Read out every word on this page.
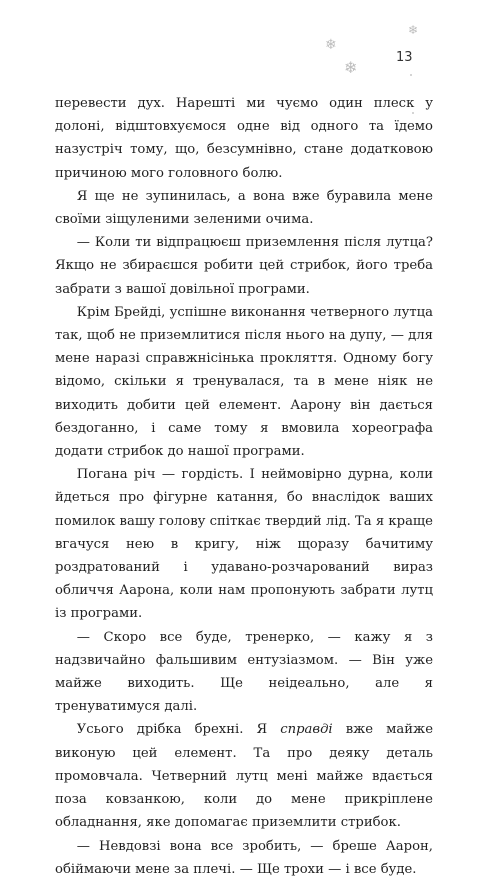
13
❄
❄
❄

перевести дух. Нарешті ми чуємо один плеск у долоні, відштовхуємося одне від одного та їдемо назустріч тому, що, безсумнівно, стане додатковою причиною мого головного болю.

Я ще не зупинилась, а вона вже буравила мене своїми зіщуленими зеленими очима.

— Коли ти відпрацюєш приземлення після лутца? Якщо не збираєшся робити цей стрибок, його треба забрати з вашої довільної програми.

Крім Брейді, успішне виконання четверного лутца так, щоб не приземлитися після нього на дупу, — для мене наразі справжнісінька прокляття. Одному богу відомо, скільки я тренувалася, та в мене ніяк не виходить добити цей елемент. Аарону він дається бездоганно, і саме тому я вмовила хореографа додати стрибок до нашої програми.

Погана річ — гордість. І неймовірно дурна, коли йдеться про фігурне катання, бо внаслідок ваших помилок вашу голову спіткає твердий лід. Та я краще вгачуся нею в кригу, ніж щоразу бачитиму роздратований і удавано-розчарований вираз обличчя Аарона, коли нам пропонують забрати лутц із програми.

— Скоро все буде, тренерко, — кажу я з надзвичайно фальшивим ентузіазмом. — Він уже майже виходить. Ще неідеально, але я тренуватимуся далі.

Усього дрібка брехні. Я справді вже майже виконую цей елемент. Та про деяку деталь промовчала. Четверний лутц мені майже вдається поза ковзанкою, коли до мене прикріплене обладнання, яке допомагає приземлити стрибок.

— Невдовзі вона все зробить, — бреше Аарон, обіймаючи мене за плечі. — Ще трохи — і все буде.
